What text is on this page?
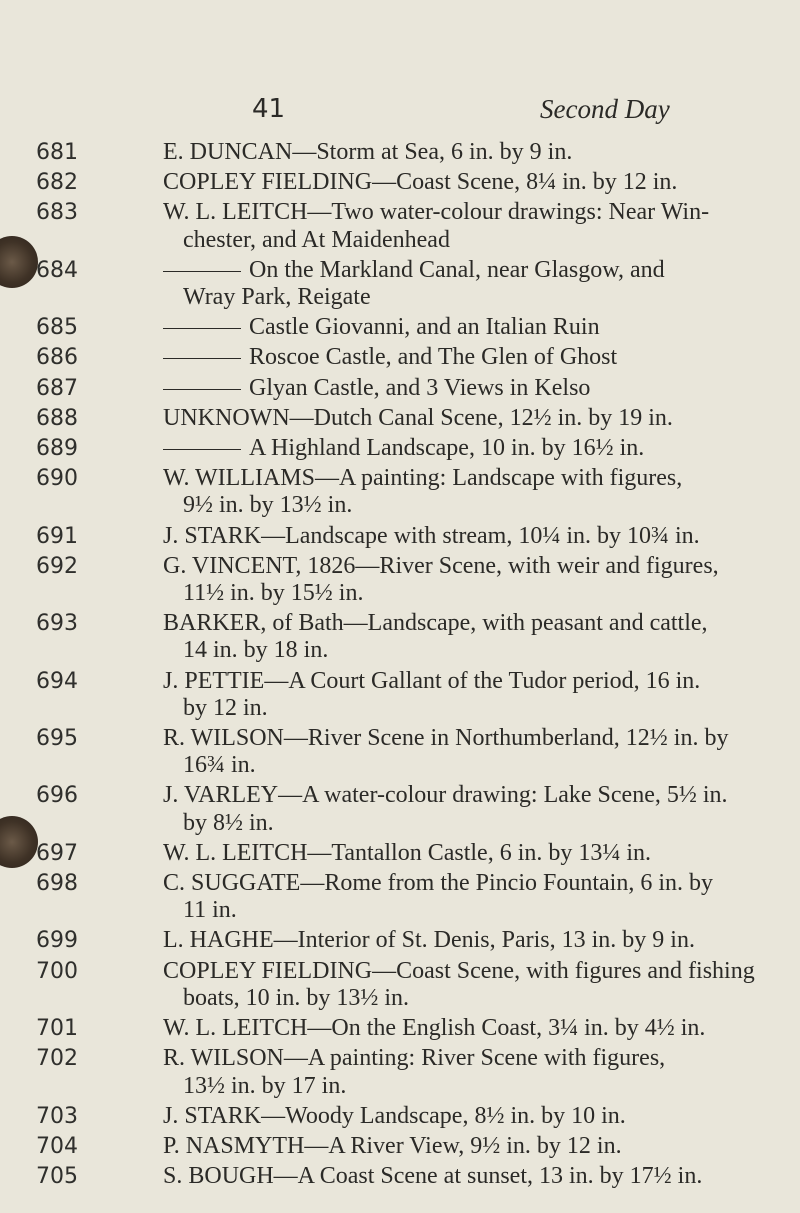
41	Second Day
681	E. DUNCAN—Storm at Sea, 6 in. by 9 in.
682	COPLEY FIELDING—Coast Scene, 8¼ in. by 12 in.
683	W. L. LEITCH—Two water-colour drawings: Near Win-
chester, and At Maidenhead
684	On the Markland Canal, near Glasgow, and
Wray Park, Reigate
685	Castle Giovanni, and an Italian Ruin
686	Roscoe Castle, and The Glen of Ghost
687	Glyan Castle, and 3 Views in Kelso
688	UNKNOWN—Dutch Canal Scene, 12½ in. by 19 in.
689	A Highland Landscape, 10 in. by 16½ in.
690	W. WILLIAMS—A painting: Landscape with figures,
9½ in. by 13½ in.
691	J. STARK—Landscape with stream, 10¼ in. by 10¾ in.
692	G. VINCENT, 1826—River Scene, with weir and figures,
11½ in. by 15½ in.
693	BARKER, of Bath—Landscape, with peasant and cattle,
14 in. by 18 in.
694	J. PETTIE—A Court Gallant of the Tudor period, 16 in.
by 12 in.
695	R. WILSON—River Scene in Northumberland, 12½ in. by
16¾ in.
696	J. VARLEY—A water-colour drawing: Lake Scene, 5½ in.
by 8½ in.
697	W. L. LEITCH—Tantallon Castle, 6 in. by 13¼ in.
698	C. SUGGATE—Rome from the Pincio Fountain, 6 in. by
11 in.
699	L. HAGHE—Interior of St. Denis, Paris, 13 in. by 9 in.
700	COPLEY FIELDING—Coast Scene, with figures and fishing
boats, 10 in. by 13½ in.
701	W. L. LEITCH—On the English Coast, 3¼ in. by 4½ in.
702	R. WILSON—A painting: River Scene with figures,
13½ in. by 17 in.
703	J. STARK—Woody Landscape, 8½ in. by 10 in.
704	P. NASMYTH—A River View, 9½ in. by 12 in.
705	S. BOUGH—A Coast Scene at sunset, 13 in. by 17½ in.
